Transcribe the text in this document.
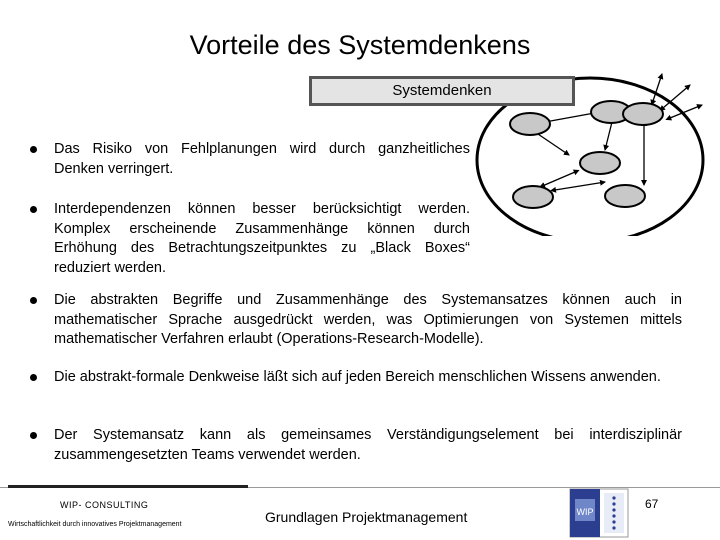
Vorteile des Systemdenkens
Systemdenken
Das Risiko von Fehlplanungen wird durch ganzheitliches Denken verringert.
Interdependenzen können besser berücksichtigt werden. Komplex erscheinende Zusammenhänge können durch Erhöhung des Betrachtungszeitpunktes zu „Black Boxes“ reduziert werden.
Die abstrakten Begriffe und Zusammenhänge des Systemansatzes können auch in mathematischer Sprache ausgedrückt werden, was Optimierungen von Systemen mittels mathematischer Verfahren erlaubt (Operations-Research-Modelle).
Die abstrakt-formale Denkweise läßt sich auf jeden Bereich menschlichen Wissens anwenden.
Der Systemansatz kann als gemeinsames Verständigungselement bei interdisziplinär zusammengesetzten Teams verwendet werden.
WIP- CONSULTING
Wirtschaftlichkeit durch innovatives Projektmanagement	Grundlagen Projektmanagement	WIP
67
